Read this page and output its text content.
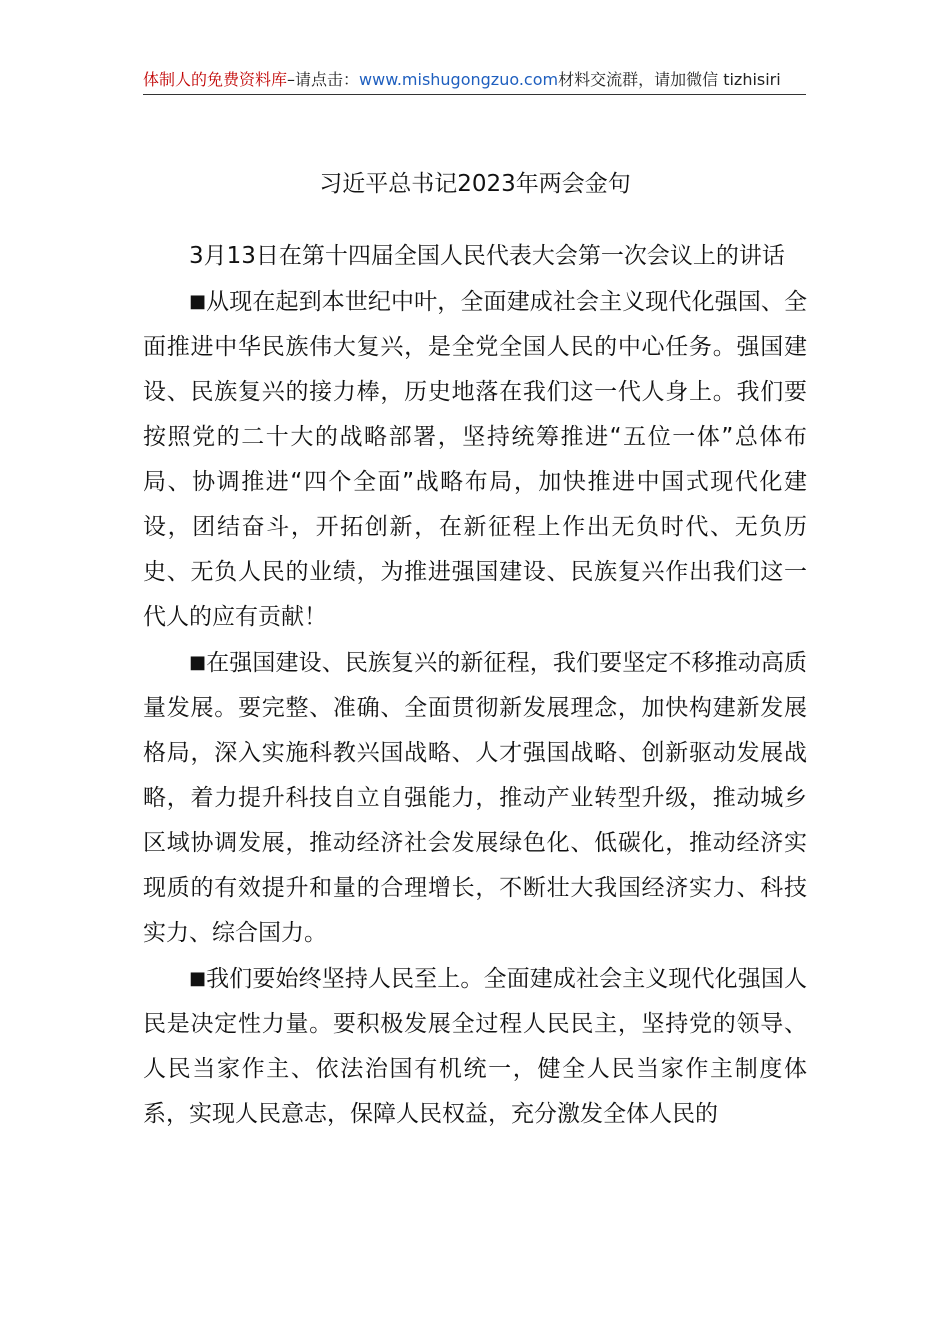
体制人的免费资料库–请点击：www.mishugongzuo.com材料交流群，请加微信 tizhisiri
习近平总书记2023年两会金句

3月13日在第十四届全国人民代表大会第一次会议上的讲话

■从现在起到本世纪中叶，全面建成社会主义现代化强国、全面推进中华民族伟大复兴，是全党全国人民的中心任务。强国建设、民族复兴的接力棒，历史地落在我们这一代人身上。我们要按照党的二十大的战略部署，坚持统筹推进“五位一体”总体布局、协调推进“四个全面”战略布局，加快推进中国式现代化建设，团结奋斗，开拓创新，在新征程上作出无负时代、无负历史、无负人民的业绩，为推进强国建设、民族复兴作出我们这一代人的应有贡献！

■在强国建设、民族复兴的新征程，我们要坚定不移推动高质量发展。要完整、准确、全面贯彻新发展理念，加快构建新发展格局，深入实施科教兴国战略、人才强国战略、创新驱动发展战略，着力提升科技自立自强能力，推动产业转型升级，推动城乡区域协调发展，推动经济社会发展绿色化、低碳化，推动经济实现质的有效提升和量的合理增长，不断壮大我国经济实力、科技实力、综合国力。

■我们要始终坚持人民至上。全面建成社会主义现代化强国人民是决定性力量。要积极发展全过程人民民主，坚持党的领导、人民当家作主、依法治国有机统一，健全人民当家作主制度体系，实现人民意志，保障人民权益，充分激发全体人民的
